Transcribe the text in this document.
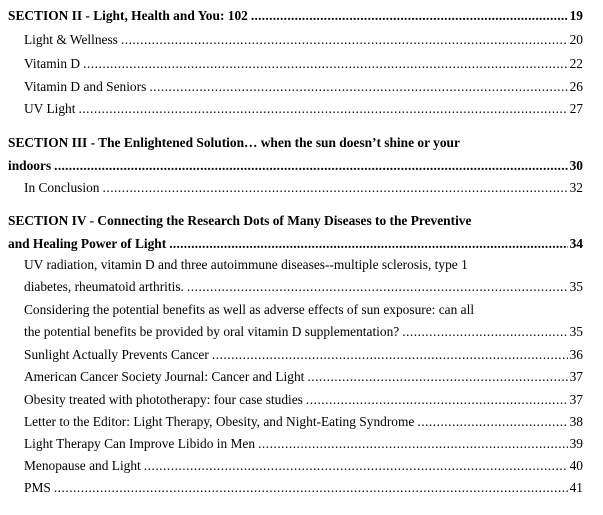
SECTION II - Light, Health and You: 102 .....	19
Light & Wellness .....	20
Vitamin D .....	22
Vitamin D and Seniors .....	26
UV Light .....	27
SECTION III - The Enlightened Solution… when the sun doesn’t shine or your
indoors .....	30
In Conclusion .....	32
SECTION IV - Connecting the Research Dots of Many Diseases to the Preventive
and Healing Power of Light .....	34
UV radiation, vitamin D and three autoimmune diseases--multiple sclerosis, type 1
diabetes, rheumatoid arthritis. .....	35
Considering the potential benefits as well as adverse effects of sun exposure: can all
the potential benefits be provided by oral vitamin D supplementation? .....	35
Sunlight Actually Prevents Cancer .....	36
American Cancer Society Journal: Cancer and Light .....	37
Obesity treated with phototherapy: four case studies .....	37
Letter to the Editor: Light Therapy, Obesity, and Night-Eating Syndrome .....	38
Light Therapy Can Improve Libido in Men .....	39
Menopause and Light .....	40
PMS .....	41
